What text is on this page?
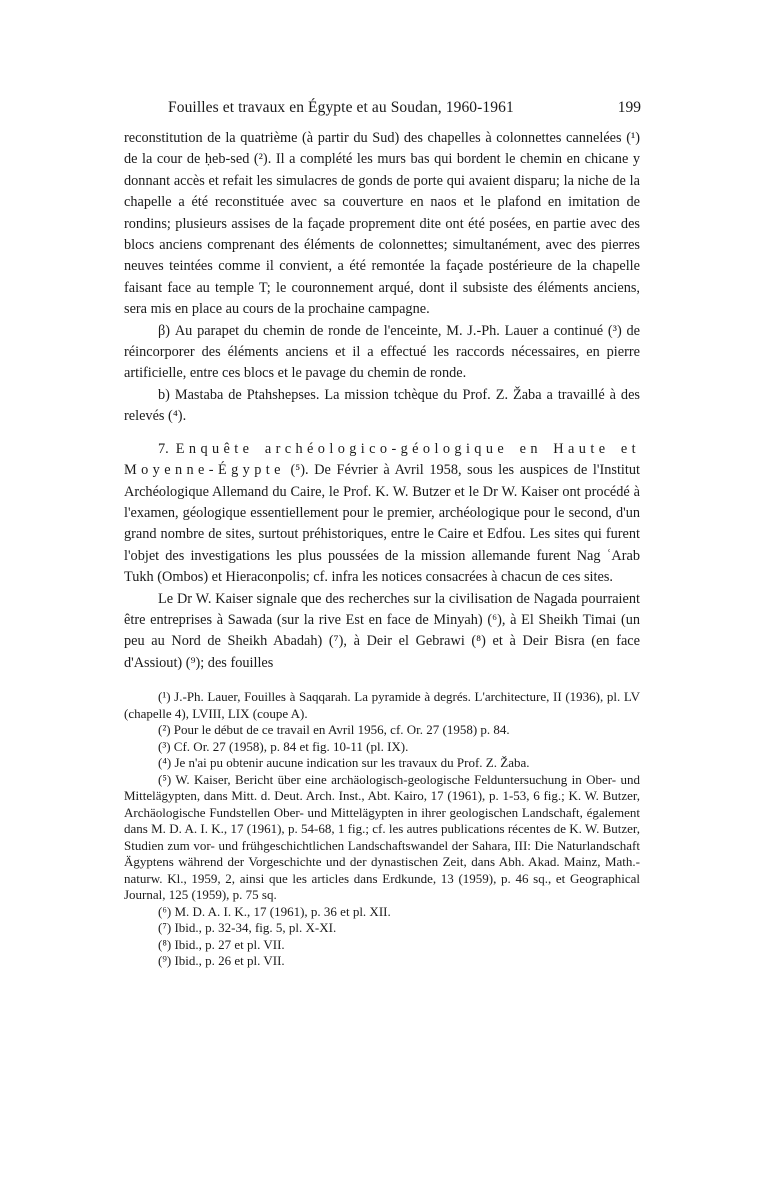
Fouilles et travaux en Égypte et au Soudan, 1960-1961	199

reconstitution de la quatrième (à partir du Sud) des chapelles à colonnettes cannelées (¹) de la cour de ḥeb-sed (²). Il a complété les murs bas qui bordent le chemin en chicane y donnant accès et refait les simulacres de gonds de porte qui avaient disparu; la niche de la chapelle a été reconstituée avec sa couverture en naos et le plafond en imitation de rondins; plusieurs assises de la façade proprement dite ont été posées, en partie avec des blocs anciens comprenant des éléments de colonnettes; simultanément, avec des pierres neuves teintées comme il convient, a été remontée la façade postérieure de la chapelle faisant face au temple T; le couronnement arqué, dont il subsiste des éléments anciens, sera mis en place au cours de la prochaine campagne.

β) Au parapet du chemin de ronde de l'enceinte, M. J.-Ph. Lauer a continué (³) de réincorporer des éléments anciens et il a effectué les raccords nécessaires, en pierre artificielle, entre ces blocs et le pavage du chemin de ronde.

b) Mastaba de Ptahshepses. La mission tchèque du Prof. Z. Žaba a travaillé à des relevés (⁴).

7. Enquête archéologico-géologique en Haute et Moyenne-Égypte (⁵). De Février à Avril 1958, sous les auspices de l'Institut Archéologique Allemand du Caire, le Prof. K. W. Butzer et le Dr W. Kaiser ont procédé à l'examen, géologique essentiellement pour le premier, archéologique pour le second, d'un grand nombre de sites, surtout préhistoriques, entre le Caire et Edfou. Les sites qui furent l'objet des investigations les plus poussées de la mission allemande furent Nag ʿArab Tukh (Ombos) et Hieraconpolis; cf. infra les notices consacrées à chacun de ces sites.

Le Dr W. Kaiser signale que des recherches sur la civilisation de Nagada pourraient être entreprises à Sawada (sur la rive Est en face de Minyah) (⁶), à El Sheikh Timai (un peu au Nord de Sheikh Abadah) (⁷), à Deir el Gebrawi (⁸) et à Deir Bisra (en face d'Assiout) (⁹); des fouilles

(¹) J.-Ph. Lauer, Fouilles à Saqqarah. La pyramide à degrés. L'architecture, II (1936), pl. LV (chapelle 4), LVIII, LIX (coupe A).

(²) Pour le début de ce travail en Avril 1956, cf. Or. 27 (1958) p. 84.

(³) Cf. Or. 27 (1958), p. 84 et fig. 10-11 (pl. IX).

(⁴) Je n'ai pu obtenir aucune indication sur les travaux du Prof. Z. Žaba.

(⁵) W. Kaiser, Bericht über eine archäologisch-geologische Felduntersuchung in Ober- und Mittelägypten, dans Mitt. d. Deut. Arch. Inst., Abt. Kairo, 17 (1961), p. 1-53, 6 fig.; K. W. Butzer, Archäologische Fundstellen Ober- und Mittelägypten in ihrer geologischen Landschaft, également dans M. D. A. I. K., 17 (1961), p. 54-68, 1 fig.; cf. les autres publications récentes de K. W. Butzer, Studien zum vor- und frühgeschichtlichen Landschaftswandel der Sahara, III: Die Naturlandschaft Ägyptens während der Vorgeschichte und der dynastischen Zeit, dans Abh. Akad. Mainz, Math.-naturw. Kl., 1959, 2, ainsi que les articles dans Erdkunde, 13 (1959), p. 46 sq., et Geographical Journal, 125 (1959), p. 75 sq.

(⁶) M. D. A. I. K., 17 (1961), p. 36 et pl. XII.

(⁷) Ibid., p. 32-34, fig. 5, pl. X-XI.

(⁸) Ibid., p. 27 et pl. VII.

(⁹) Ibid., p. 26 et pl. VII.
